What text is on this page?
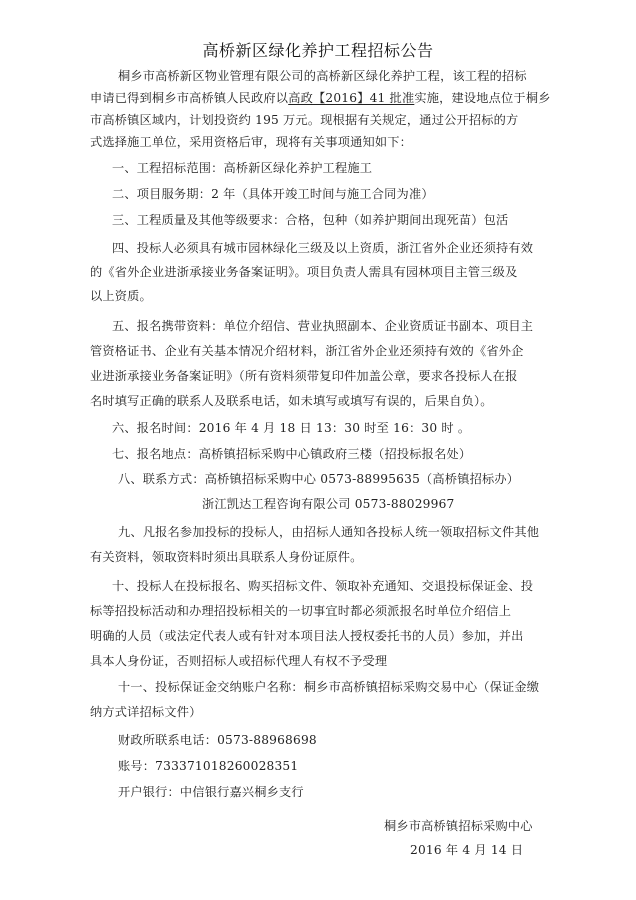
高桥新区绿化养护工程招标公告
桐乡市高桥新区物业管理有限公司的高桥新区绿化养护工程，该工程的招标
申请已得到桐乡市高桥镇人民政府以高政【2016】41 批准实施，建设地点位于桐乡
市高桥镇区域内，计划投资约 195 万元。现根据有关规定，通过公开招标的方
式选择施工单位，采用资格后审，现将有关事项通知如下：
一、工程招标范围：高桥新区绿化养护工程施工
二、项目服务期：2 年（具体开竣工时间与施工合同为准）
三、工程质量及其他等级要求：合格，包种（如养护期间出现死苗）包活
四、投标人必须具有城市园林绿化三级及以上资质，浙江省外企业还须持有效
的《省外企业进浙承接业务备案证明》。项目负责人需具有园林项目主管三级及
以上资质。
五、报名携带资料：单位介绍信、营业执照副本、企业资质证书副本、项目主
管资格证书、企业有关基本情况介绍材料，浙江省外企业还须持有效的《省外企
业进浙承接业务备案证明》（所有资料须带复印件加盖公章，要求各投标人在报
名时填写正确的联系人及联系电话，如未填写或填写有误的，后果自负）。
六、报名时间：2016 年 4 月 18 日 13：30 时至 16：30 时 。
七、报名地点：高桥镇招标采购中心镇政府三楼（招投标报名处）
八、联系方式：高桥镇招标采购中心 0573-88995635（高桥镇招标办）
浙江凯达工程咨询有限公司 0573-88029967
九、凡报名参加投标的投标人，由招标人通知各投标人统一领取招标文件其他
有关资料，领取资料时须出具联系人身份证原件。
十、投标人在投标报名、购买招标文件、领取补充通知、交退投标保证金、投
标等招投标活动和办理招投标相关的一切事宜时都必须派报名时单位介绍信上
明确的人员（或法定代表人或有针对本项目法人授权委托书的人员）参加，并出
具本人身份证，否则招标人或招标代理人有权不予受理
十一、投标保证金交纳账户名称：桐乡市高桥镇招标采购交易中心（保证金缴
纳方式详招标文件）
财政所联系电话：0573-88968698
账号：733371018260028351
开户银行：中信银行嘉兴桐乡支行
桐乡市高桥镇招标采购中心
2016 年 4 月 14 日
